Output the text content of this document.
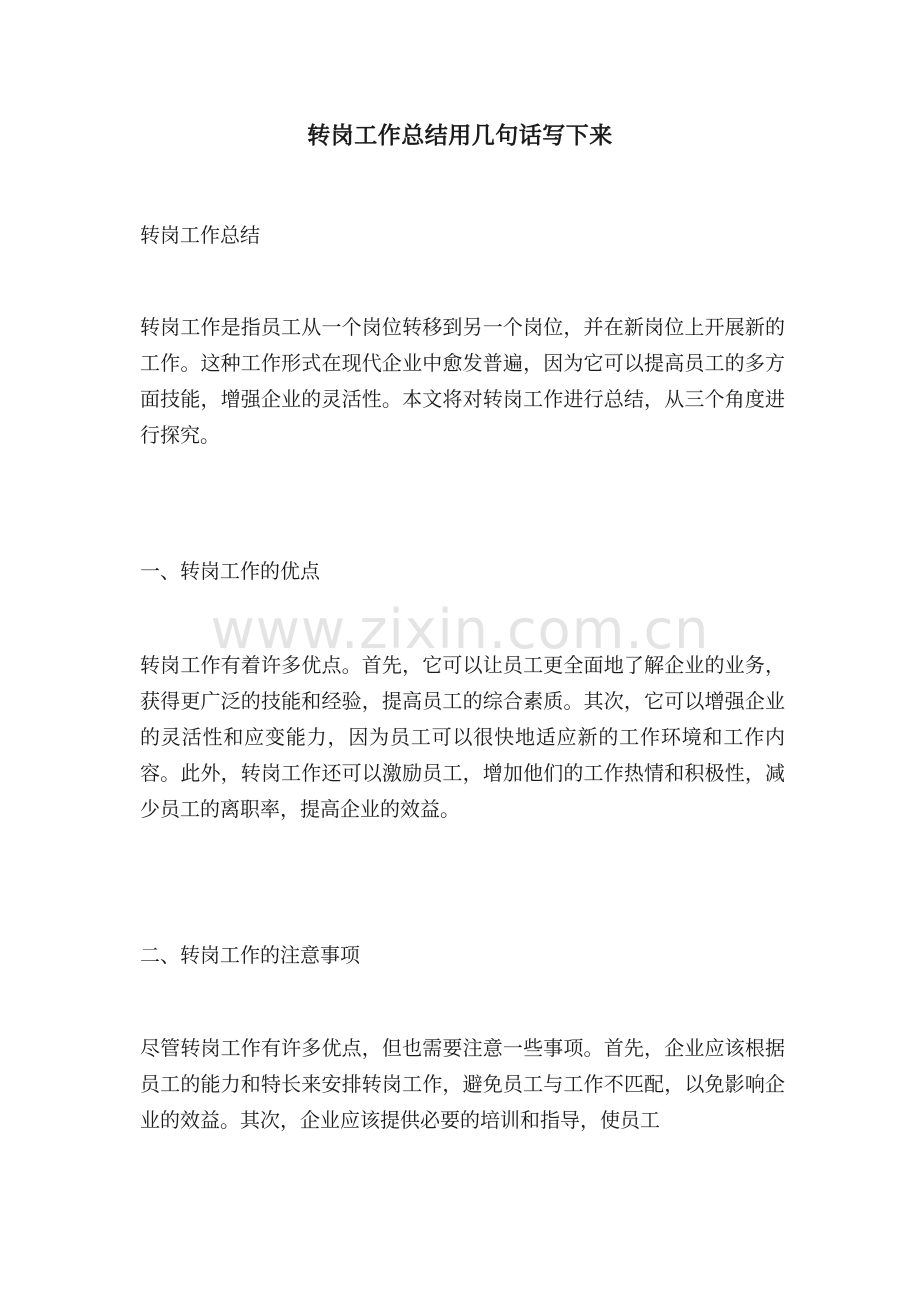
转岗工作总结用几句话写下来

转岗工作总结

转岗工作是指员工从一个岗位转移到另一个岗位，并在新岗位上开展新的工作。这种工作形式在现代企业中愈发普遍，因为它可以提高员工的多方面技能，增强企业的灵活性。本文将对转岗工作进行总结，从三个角度进行探究。

一、转岗工作的优点

转岗工作有着许多优点。首先，它可以让员工更全面地了解企业的业务，获得更广泛的技能和经验，提高员工的综合素质。其次，它可以增强企业的灵活性和应变能力，因为员工可以很快地适应新的工作环境和工作内容。此外，转岗工作还可以激励员工，增加他们的工作热情和积极性，减少员工的离职率，提高企业的效益。

二、转岗工作的注意事项

尽管转岗工作有许多优点，但也需要注意一些事项。首先，企业应该根据员工的能力和特长来安排转岗工作，避免员工与工作不匹配，以免影响企业的效益。其次，企业应该提供必要的培训和指导，使员工

www.zixin.com.cn
